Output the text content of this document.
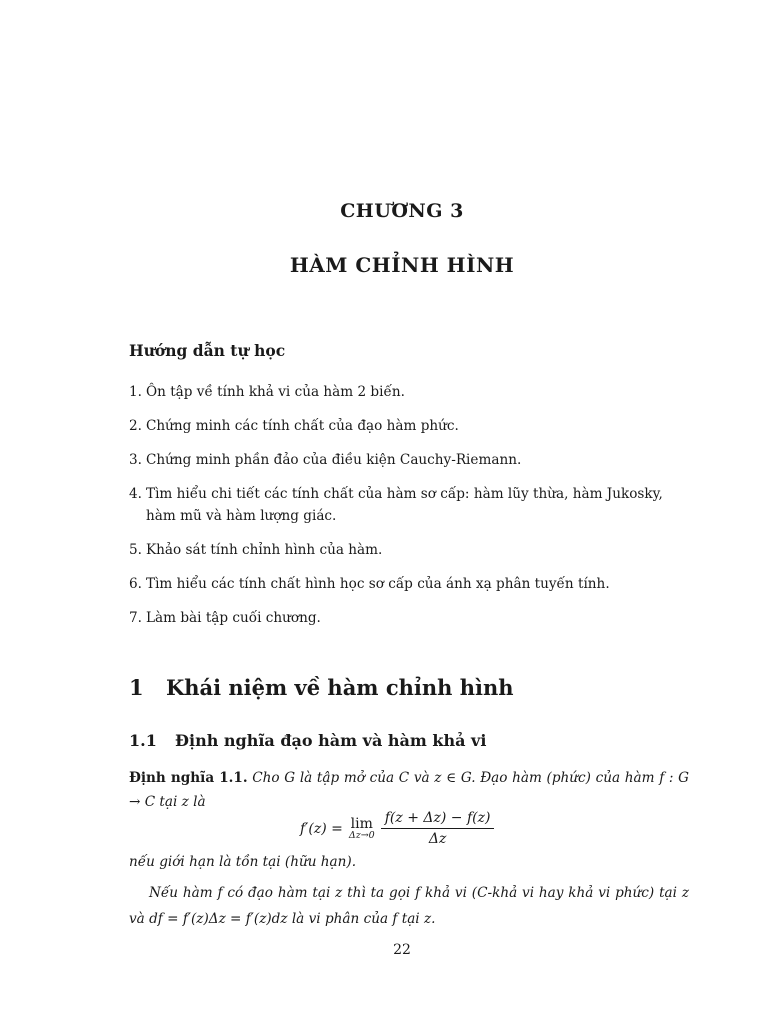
CHƯƠNG 3
HÀM CHỈNH HÌNH
Hướng dẫn tự học
1. Ôn tập về tính khả vi của hàm 2 biến.
2. Chứng minh các tính chất của đạo hàm phức.
3. Chứng minh phần đảo của điều kiện Cauchy-Riemann.
4. Tìm hiểu chi tiết các tính chất của hàm sơ cấp: hàm lũy thừa, hàm Jukosky, hàm mũ và hàm lượng giác.
5. Khảo sát tính chỉnh hình của hàm.
6. Tìm hiểu các tính chất hình học sơ cấp của ánh xạ phân tuyến tính.
7. Làm bài tập cuối chương.
1 Khái niệm về hàm chỉnh hình
1.1 Định nghĩa đạo hàm và hàm khả vi
Định nghĩa 1.1. Cho G là tập mở của C và z ∈ G. Đạo hàm (phức) của hàm f : G → C tại z là
f′(z) = lim
$\Delta z\to 0 \frac{f(z + \Delta z) - f(z)}{\Delta z}$
nếu giới hạn là tồn tại (hữu hạn).
Nếu hàm f có đạo hàm tại z thì ta gọi f khả vi (C-khả vi hay khả vi phức) tại z và df = f′(z)Δz = f′(z)dz là vi phân của f tại z.
22
